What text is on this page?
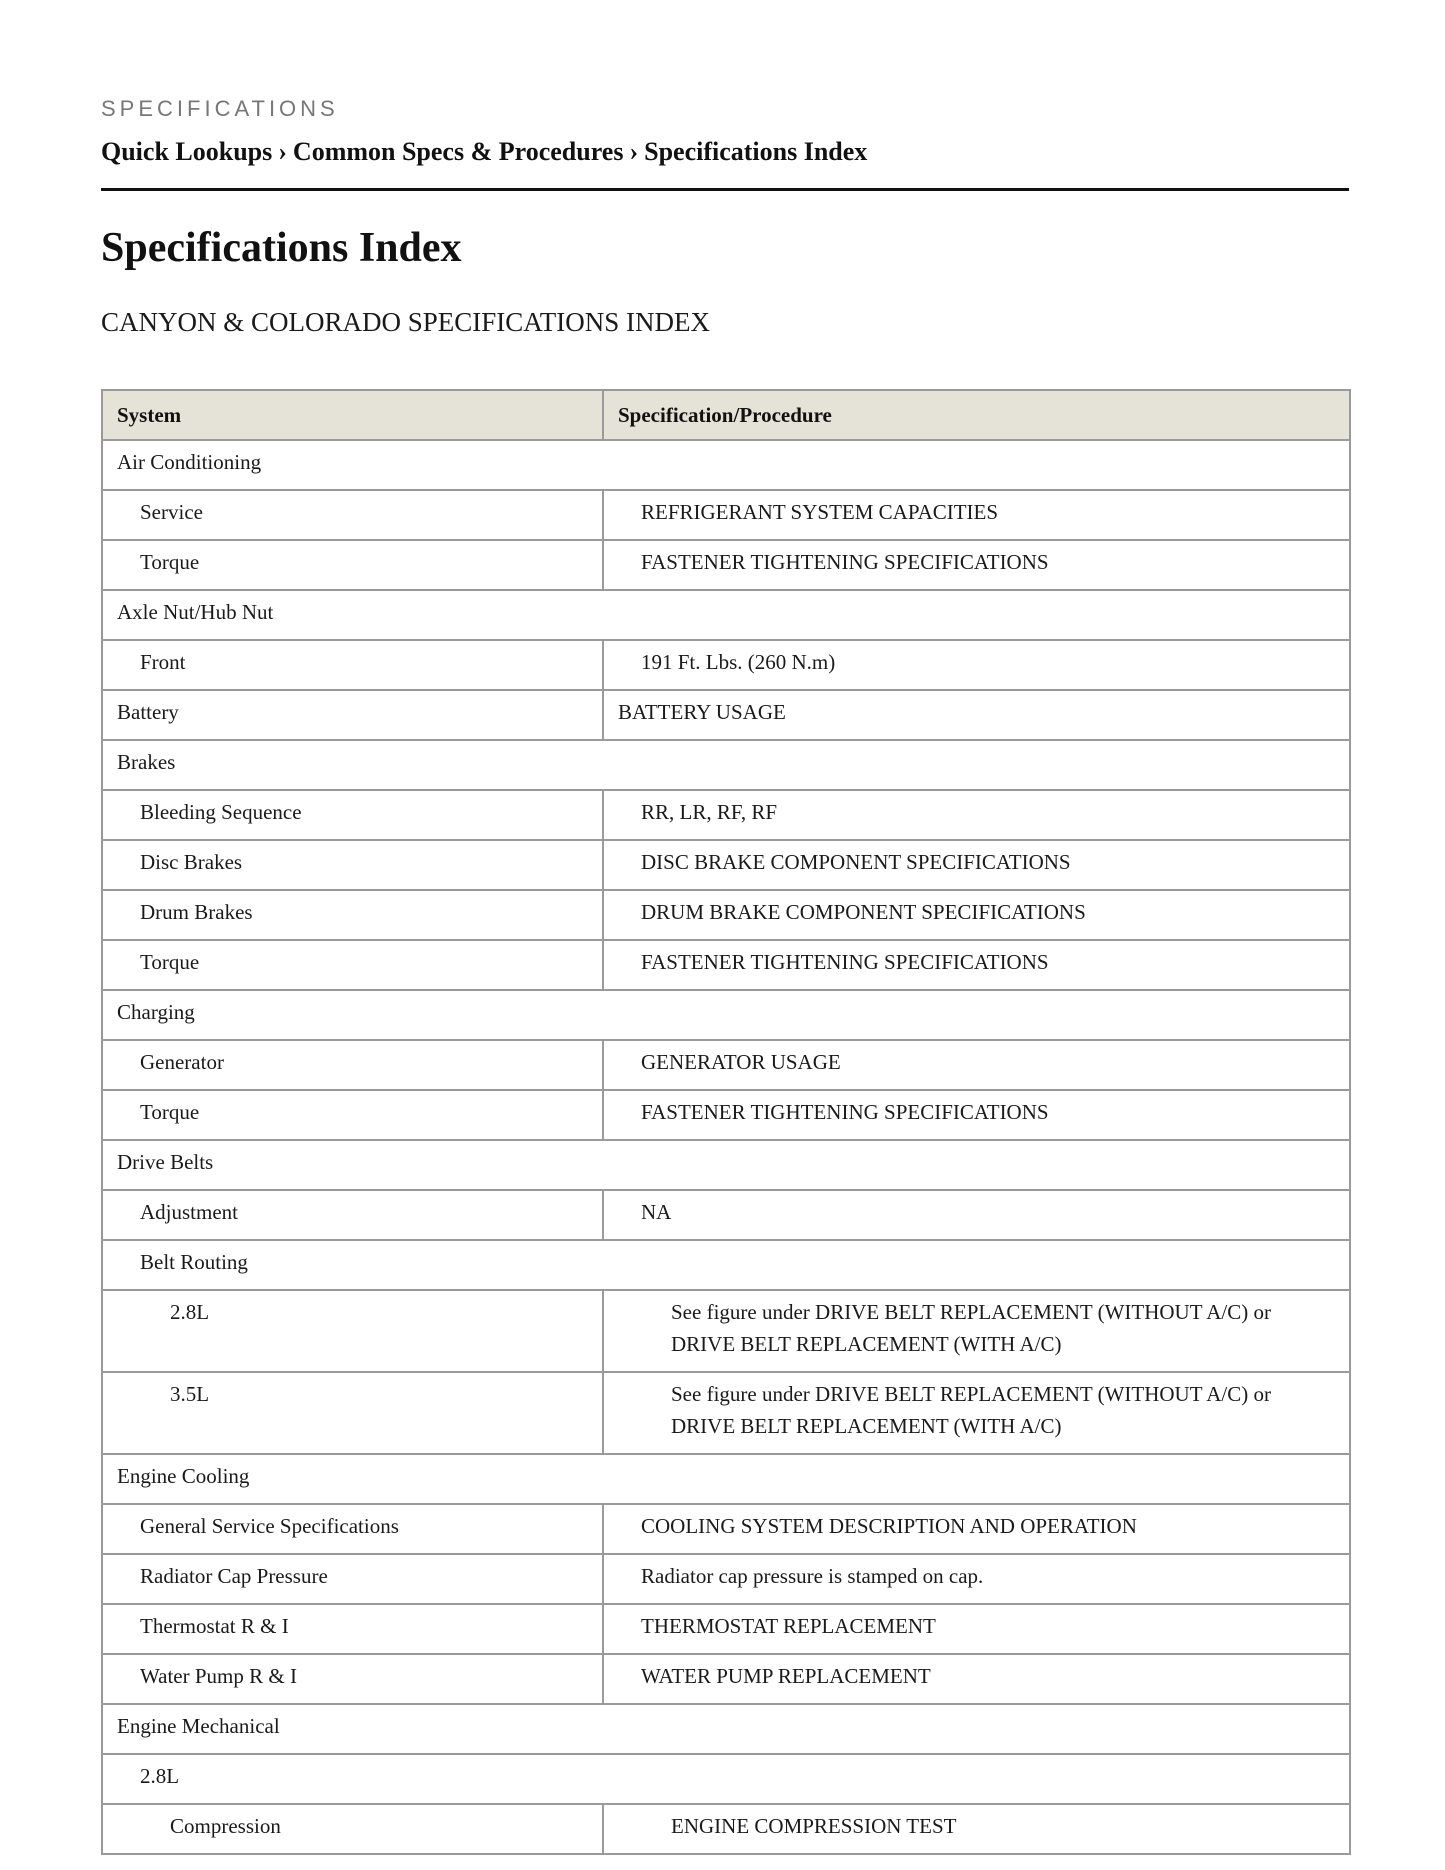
SPECIFICATIONS
Quick Lookups › Common Specs & Procedures › Specifications Index
Specifications Index
CANYON & COLORADO SPECIFICATIONS INDEX
System	Specification/Procedure
Air Conditioning	
Service	REFRIGERANT SYSTEM CAPACITIES
Torque	FASTENER TIGHTENING SPECIFICATIONS
Axle Nut/Hub Nut	
Front	191 Ft. Lbs. (260 N.m)
Battery	BATTERY USAGE
Brakes	
Bleeding Sequence	RR, LR, RF, RF
Disc Brakes	DISC BRAKE COMPONENT SPECIFICATIONS
Drum Brakes	DRUM BRAKE COMPONENT SPECIFICATIONS
Torque	FASTENER TIGHTENING SPECIFICATIONS
Charging	
Generator	GENERATOR USAGE
Torque	FASTENER TIGHTENING SPECIFICATIONS
Drive Belts	
Adjustment	NA
Belt Routing	
2.8L	See figure under DRIVE BELT REPLACEMENT (WITHOUT A/C) or DRIVE BELT REPLACEMENT (WITH A/C)
3.5L	See figure under DRIVE BELT REPLACEMENT (WITHOUT A/C) or DRIVE BELT REPLACEMENT (WITH A/C)
Engine Cooling	
General Service Specifications	COOLING SYSTEM DESCRIPTION AND OPERATION
Radiator Cap Pressure	Radiator cap pressure is stamped on cap.
Thermostat R & I	THERMOSTAT REPLACEMENT
Water Pump R & I	WATER PUMP REPLACEMENT
Engine Mechanical	
2.8L	
Compression	ENGINE COMPRESSION TEST
